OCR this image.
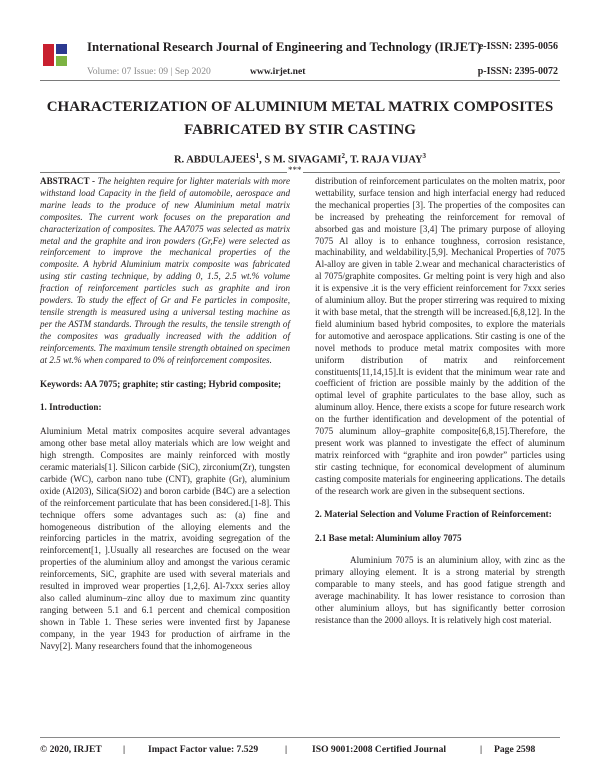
International Research Journal of Engineering and Technology (IRJET)
e-ISSN: 2395-0056
Volume: 07 Issue: 09 | Sep 2020	www.irjet.net	p-ISSN: 2395-0072
CHARACTERIZATION OF ALUMINIUM METAL MATRIX COMPOSITES
FABRICATED BY STIR CASTING
R. ABDULAJEES$^1$, S M. SIVAGAMI$^2$, T. RAJA VIJAY$^3$
***

ABSTRACT - The heighten require for lighter materials with more withstand load Capacity in the field of automobile, aerospace and marine leads to the produce of new Aluminium metal matrix composites. The current work focuses on the preparation and characterization of composites. The AA7075 was selected as matrix metal and the graphite and iron powders (Gr,Fe) were selected as reinforcement to improve the mechanical properties of the composite. A hybrid Aluminium matrix composite was fabricated using stir casting technique, by adding 0, 1.5, 2.5 wt.% volume fraction of reinforcement particles such as graphite and iron powders. To study the effect of Gr and Fe particles in composite, tensile strength is measured using a universal testing machine as per the ASTM standards. Through the results, the tensile strength of the composites was gradually increased with the addition of reinforcements. The maximum tensile strength obtained on specimen at 2.5 wt.% when compared to 0% of reinforcement composites.

Keywords: AA 7075; graphite; stir casting; Hybrid composite;

1. Introduction:

Aluminium Metal matrix composites acquire several advantages among other base metal alloy materials which are low weight and high strength. Composites are mainly reinforced with mostly ceramic materials[1]. Silicon carbide (SiC), zirconium(Zr), tungsten carbide (WC), carbon nano tube (CNT), graphite (Gr), aluminium oxide (Al203), Silica(SiO2) and boron carbide (B4C) are a selection of the reinforcement particulate that has been considered.[1-8]. This technique offers some advantages such as: (a) fine and homogeneous distribution of the alloying elements and the reinforcing particles in the matrix, avoiding segregation of the reinforcement[1, ].Usually all researches are focused on the wear properties of the aluminium alloy and amongst the various ceramic reinforcements, SiC, graphite are used with several materials and resulted in improved wear properties [1,2,6]. Al-7xxx series alloy also called aluminum–zinc alloy due to maximum zinc quantity ranging between 5.1 and 6.1 percent and chemical composition shown in Table 1. These series were invented first by Japanese company, in the year 1943 for production of airframe in the Navy[2]. Many researchers found that the inhomogeneous

distribution of reinforcement particulates on the molten matrix, poor wettability, surface tension and high interfacial energy had reduced the mechanical properties [3]. The properties of the composites can be increased by preheating the reinforcement for removal of absorbed gas and moisture [3,4] The primary purpose of alloying 7075 Al alloy is to enhance toughness, corrosion resistance, machinability, and weldability.[5,9]. Mechanical Properties of 7075 Al-alloy are given in table 2.wear and mechanical characteristics of al 7075/graphite composites. Gr melting point is very high and also it is expensive .it is the very efficient reinforcement for 7xxx series of aluminium alloy. But the proper stirrering was required to mixing it with base metal, that the strength will be increased.[6,8,12]. In the field aluminium based hybrid composites, to explore the materials for automotive and aerospace applications. Stir casting is one of the novel methods to produce metal matrix composites with more uniform distribution of matrix and reinforcement constituents[11,14,15].It is evident that the minimum wear rate and coefficient of friction are possible mainly by the addition of the optimal level of graphite particulates to the base alloy, such as aluminum alloy. Hence, there exists a scope for future research work on the further identification and development of the potential of 7075 aluminum alloy–graphite composite[6,8,15].Therefore, the present work was planned to investigate the effect of aluminum matrix reinforced with “graphite and iron powder” particles using stir casting technique, for economical development of aluminum casting composite materials for engineering applications. The details of the research work are given in the subsequent sections.

2. Material Selection and Volume Fraction of Reinforcement:

2.1 Base metal: Aluminium alloy 7075

Aluminium 7075 is an aluminium alloy, with zinc as the primary alloying element. It is a strong material by strength comparable to many steels, and has good fatigue strength and average machinability. It has lower resistance to corrosion than other aluminium alloys, but has significantly better corrosion resistance than the 2000 alloys. It is relatively high cost material.

© 2020, IRJET | Impact Factor value: 7.529	|	ISO 9001:2008 Certified Journal	| Page 2598
